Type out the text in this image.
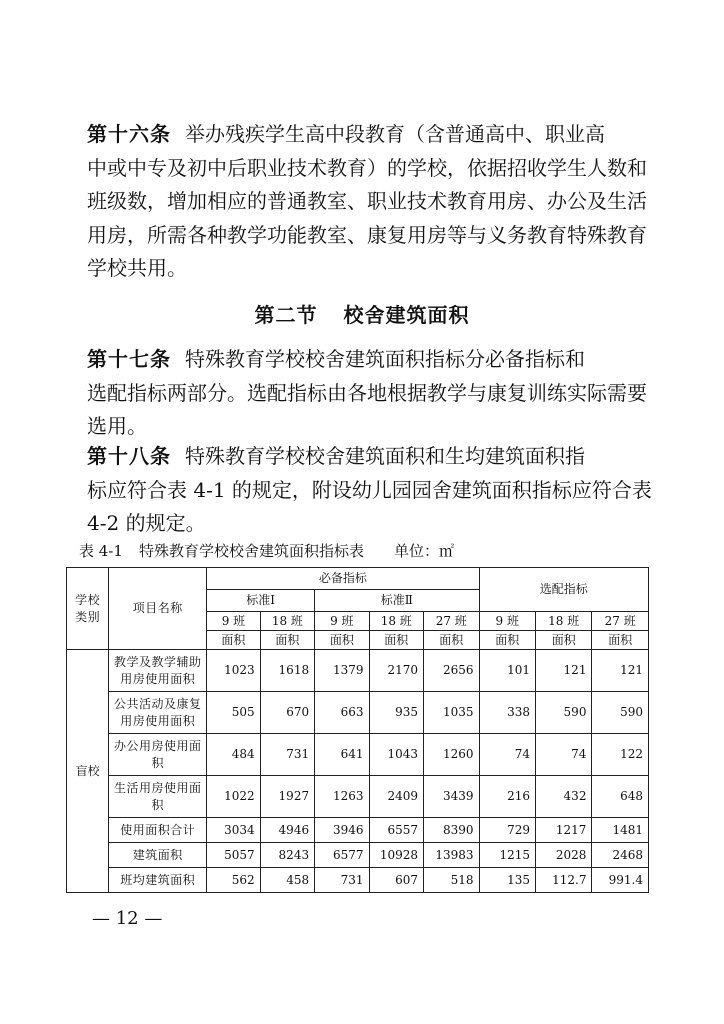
第十六条 举办残疾学生高中段教育（含普通高中、职业高
中或中专及初中后职业技术教育）的学校，依据招收学生人数和
班级数，增加相应的普通教室、职业技术教育用房、办公及生活
用房，所需各种教学功能教室、康复用房等与义务教育特殊教育
学校共用。
第二节 校舍建筑面积
第十七条 特殊教育学校校舍建筑面积指标分必备指标和
选配指标两部分。选配指标由各地根据教学与康复训练实际需要
选用。
第十八条 特殊教育学校校舍建筑面积和生均建筑面积指
标应符合表 4-1 的规定，附设幼儿园园舍建筑面积指标应符合表
4-2 的规定。
表 4-1 特殊教育学校校舍建筑面积指标表 单位：㎡
学校类别	项目名称	必备指标					选配指标		
		标准Ⅰ		标准Ⅱ					
		9 班	18 班	9 班	18 班	27 班	9 班	18 班	27 班
		面积	面积	面积	面积	面积	面积	面积	面积
盲校	教学及教学辅助用房使用面积	1023	1618	1379	2170	2656	101	121	121
	公共活动及康复用房使用面积	505	670	663	935	1035	338	590	590
	办公用房使用面积	484	731	641	1043	1260	74	74	122
	生活用房使用面积	1022	1927	1263	2409	3439	216	432	648
	使用面积合计	3034	4946	3946	6557	8390	729	1217	1481
	建筑面积	5057	8243	6577	10928	13983	1215	2028	2468
	班均建筑面积	562	458	731	607	518	135	112.7	991.4
— 12 —
